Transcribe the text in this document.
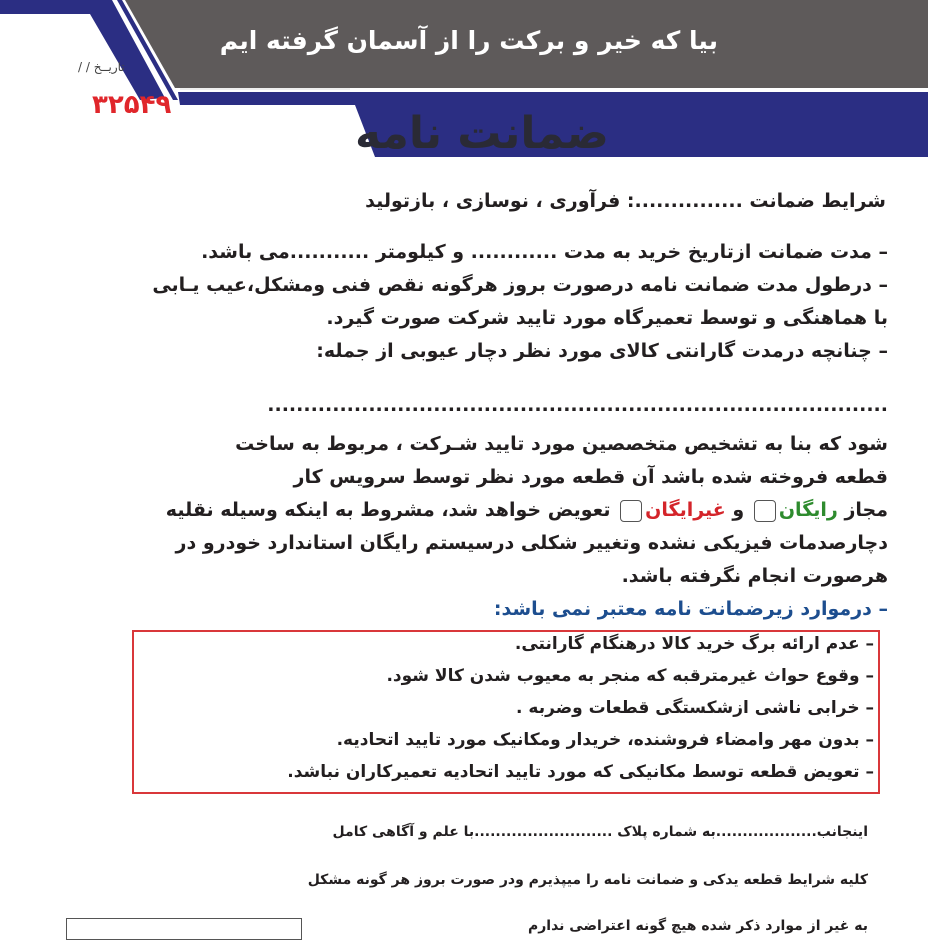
بیا که خیر و برکت را از آسمان گرفته ایم
تاریــخ / /
۳۲۵۴۹
ضمانت نامه
شرایط ضمانت ...............: فرآوری ، نوسازی ، بازتولید
– مدت ضمانت ازتاریخ خرید به مدت ............ و کیلومتر ...........می باشد.
– درطول مدت ضمانت نامه درصورت بروز هرگونه نقص فنی ومشکل،عیب یـابی
با هماهنگی و توسط تعمیرگاه مورد تایید شرکت صورت گیرد.
– چنانچه درمدت گارانتی کالای مورد نظر دچار عیوبی از جمله:
......................................................................................
شود که بنا به تشخیص متخصصین مورد تایید شـرکت ، مربوط به ساخت
قطعه فروخته شده باشد آن قطعه مورد نظر توسط سرویس کار
مجاز رایگان و غیرایگان تعویض خواهد شد، مشروط به اینکه وسیله نقلیه
دچارصدمات فیزیکی نشده وتغییر شکلی درسیستم رایگان استاندارد خودرو در
هرصورت انجام نگرفته باشد.
– درموارد زیرضمانت نامه معتبر نمی باشد:
– عدم ارائه برگ خرید کالا درهنگام گارانتی.
– وقوع حواث غیرمترقبه که منجر به معیوب شدن کالا شود.
– خرابی ناشی ازشکستگی قطعات وضربه .
– بدون مهر وامضاء فروشنده، خریدار ومکانیک مورد تایید اتحادیه.
– تعویض قطعه توسط مکانیکی که مورد تایید اتحادیه تعمیرکاران نباشد.
اینجانب...................به شماره پلاک ..........................با علم و آگاهی کامل
کلیه شرایط قطعه یدکی و ضمانت نامه را میپذیرم ودر صورت بروز هر گونه مشکل
به غیر از موارد ذکر شده هیچ گونه اعتراضی ندارم
